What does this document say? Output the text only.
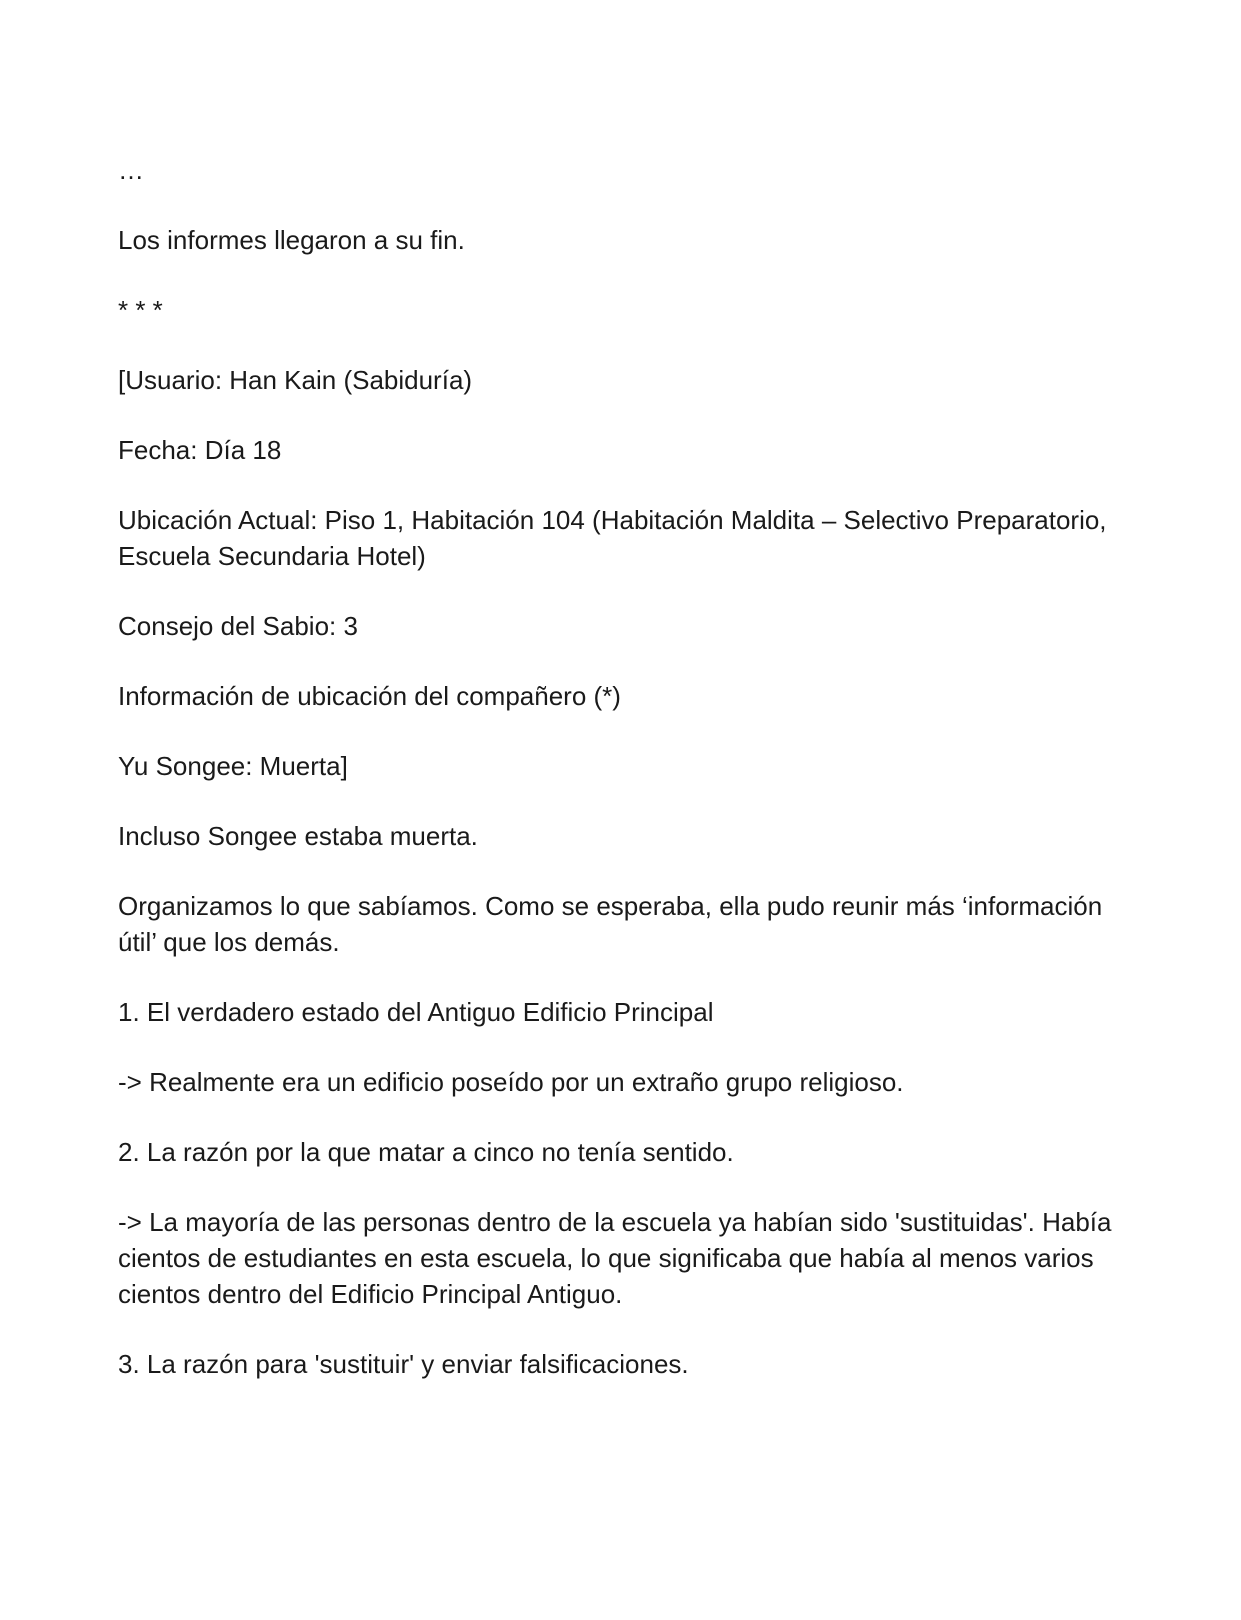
…

Los informes llegaron a su fin.

* * *

[Usuario: Han Kain (Sabiduría)

Fecha: Día 18

Ubicación Actual: Piso 1, Habitación 104 (Habitación Maldita – Selectivo Preparatorio, Escuela Secundaria Hotel)

Consejo del Sabio: 3

Información de ubicación del compañero (*)

Yu Songee: Muerta]

Incluso Songee estaba muerta.

Organizamos lo que sabíamos. Como se esperaba, ella pudo reunir más ‘información útil’ que los demás.

1. El verdadero estado del Antiguo Edificio Principal

-> Realmente era un edificio poseído por un extraño grupo religioso.

2. La razón por la que matar a cinco no tenía sentido.

-> La mayoría de las personas dentro de la escuela ya habían sido 'sustituidas'. Había cientos de estudiantes en esta escuela, lo que significaba que había al menos varios cientos dentro del Edificio Principal Antiguo.

3. La razón para 'sustituir' y enviar falsificaciones.
